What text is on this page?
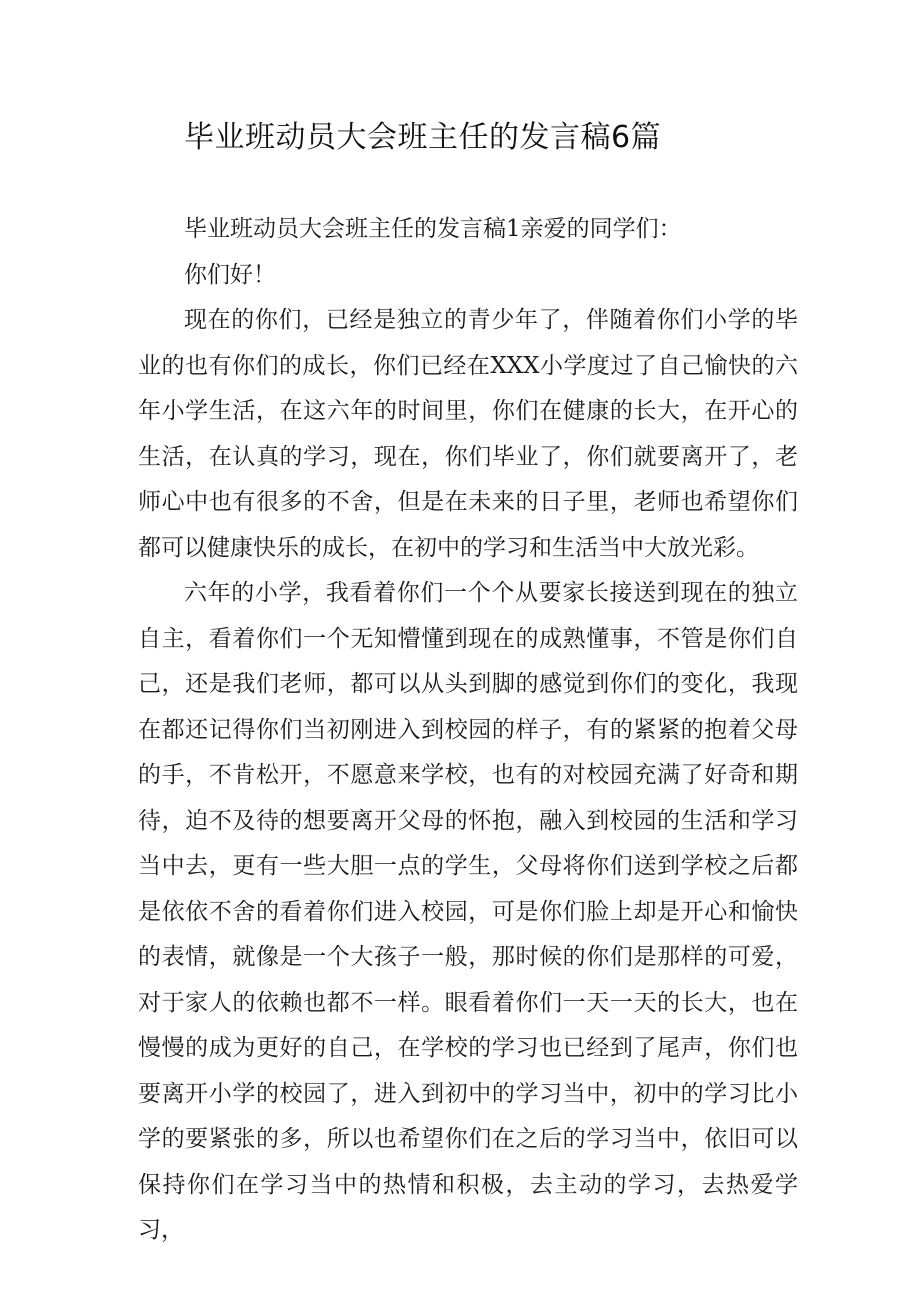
毕业班动员大会班主任的发言稿6篇

毕业班动员大会班主任的发言稿1亲爱的同学们：

你们好！

现在的你们，已经是独立的青少年了，伴随着你们小学的毕业的也有你们的成长，你们已经在XXX小学度过了自己愉快的六年小学生活，在这六年的时间里，你们在健康的长大，在开心的生活，在认真的学习，现在，你们毕业了，你们就要离开了，老师心中也有很多的不舍，但是在未来的日子里，老师也希望你们都可以健康快乐的成长，在初中的学习和生活当中大放光彩。

六年的小学，我看着你们一个个从要家长接送到现在的独立自主，看着你们一个无知懵懂到现在的成熟懂事，不管是你们自己，还是我们老师，都可以从头到脚的感觉到你们的变化，我现在都还记得你们当初刚进入到校园的样子，有的紧紧的抱着父母的手，不肯松开，不愿意来学校，也有的对校园充满了好奇和期待，迫不及待的想要离开父母的怀抱，融入到校园的生活和学习当中去，更有一些大胆一点的学生，父母将你们送到学校之后都是依依不舍的看着你们进入校园，可是你们脸上却是开心和愉快的表情，就像是一个大孩子一般，那时候的你们是那样的可爱，对于家人的依赖也都不一样。眼看着你们一天一天的长大，也在慢慢的成为更好的自己，在学校的学习也已经到了尾声，你们也要离开小学的校园了，进入到初中的学习当中，初中的学习比小学的要紧张的多，所以也希望你们在之后的学习当中，依旧可以保持你们在学习当中的热情和积极，去主动的学习，去热爱学习，
